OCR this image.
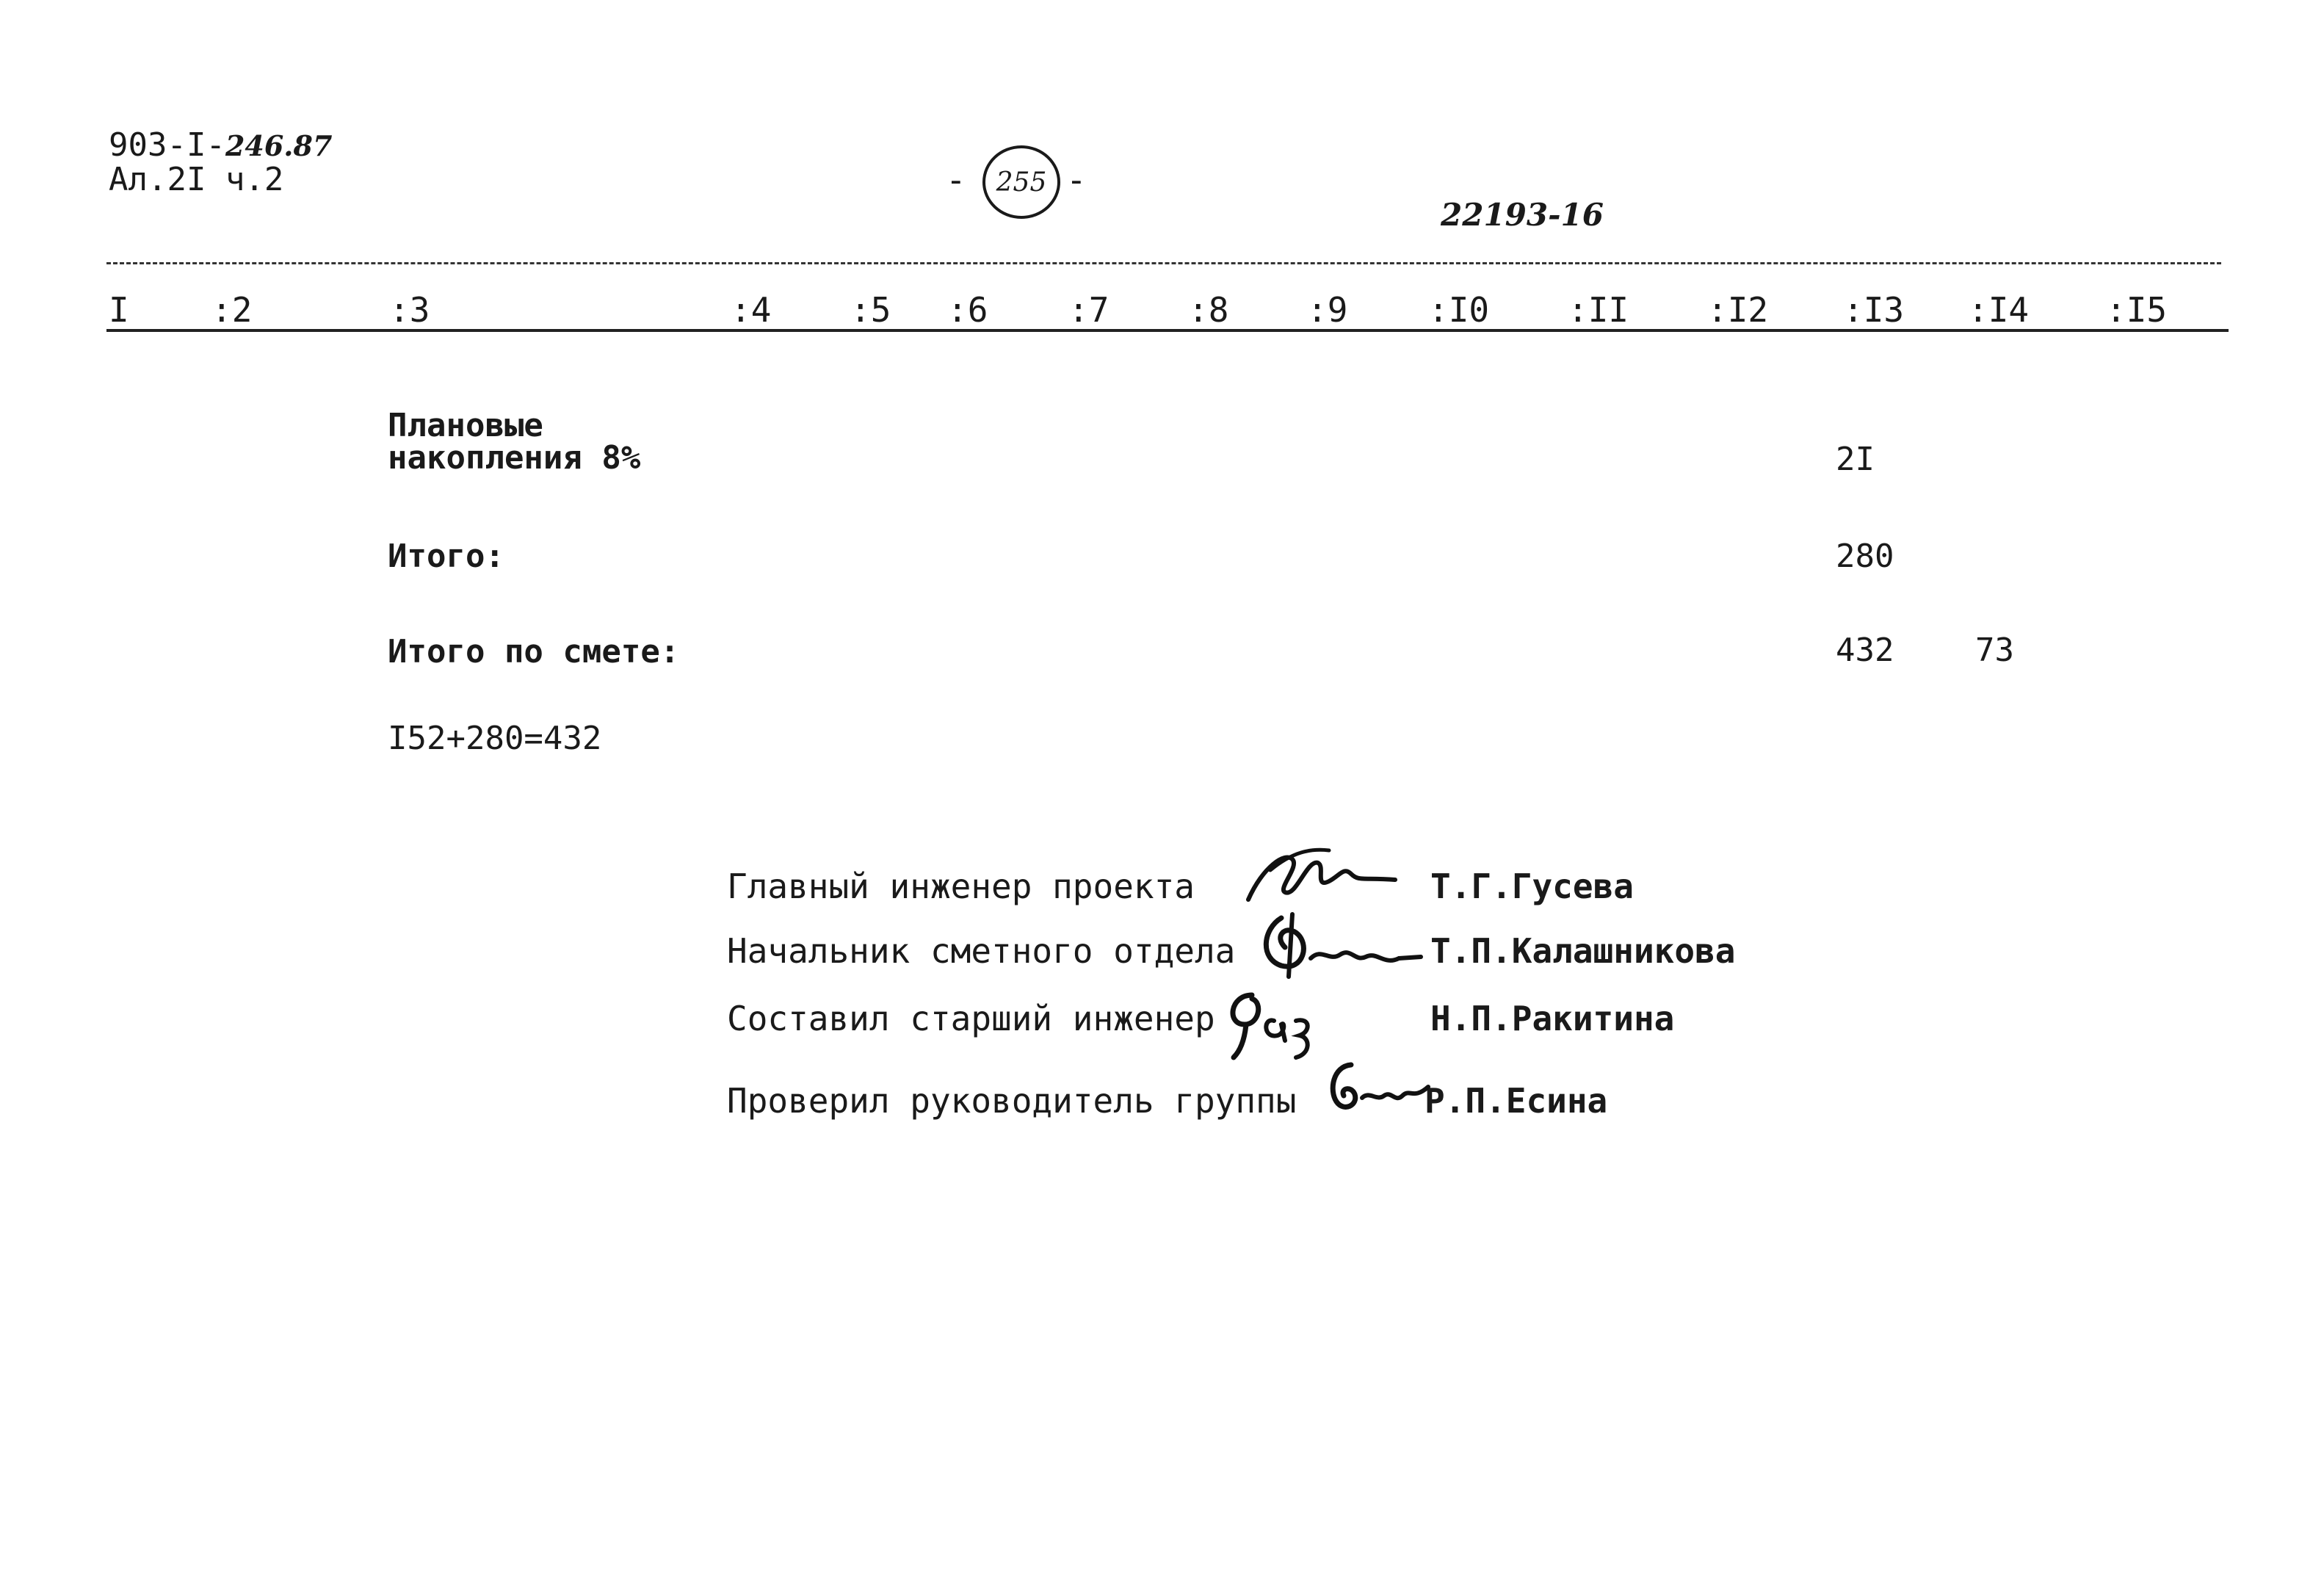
903-I-246.87
Ал.2I ч.2	- 255 -
22193-16
I :2	:3	:4 :5 :6 :7 :8 :9 :I0 :II :I2 :I3 :I4 :I5
Плановые
накопления 8%	2I
Итого:	280
Итого по смете:	432	73
I52+280=432
Главный инженер проекта	Т.Г.Гусева
Начальник сметного отдела	Т.П.Калашникова
Составил старший инженер	Н.П.Ракитина
Проверил руководитель группы	Р.П.Есина
